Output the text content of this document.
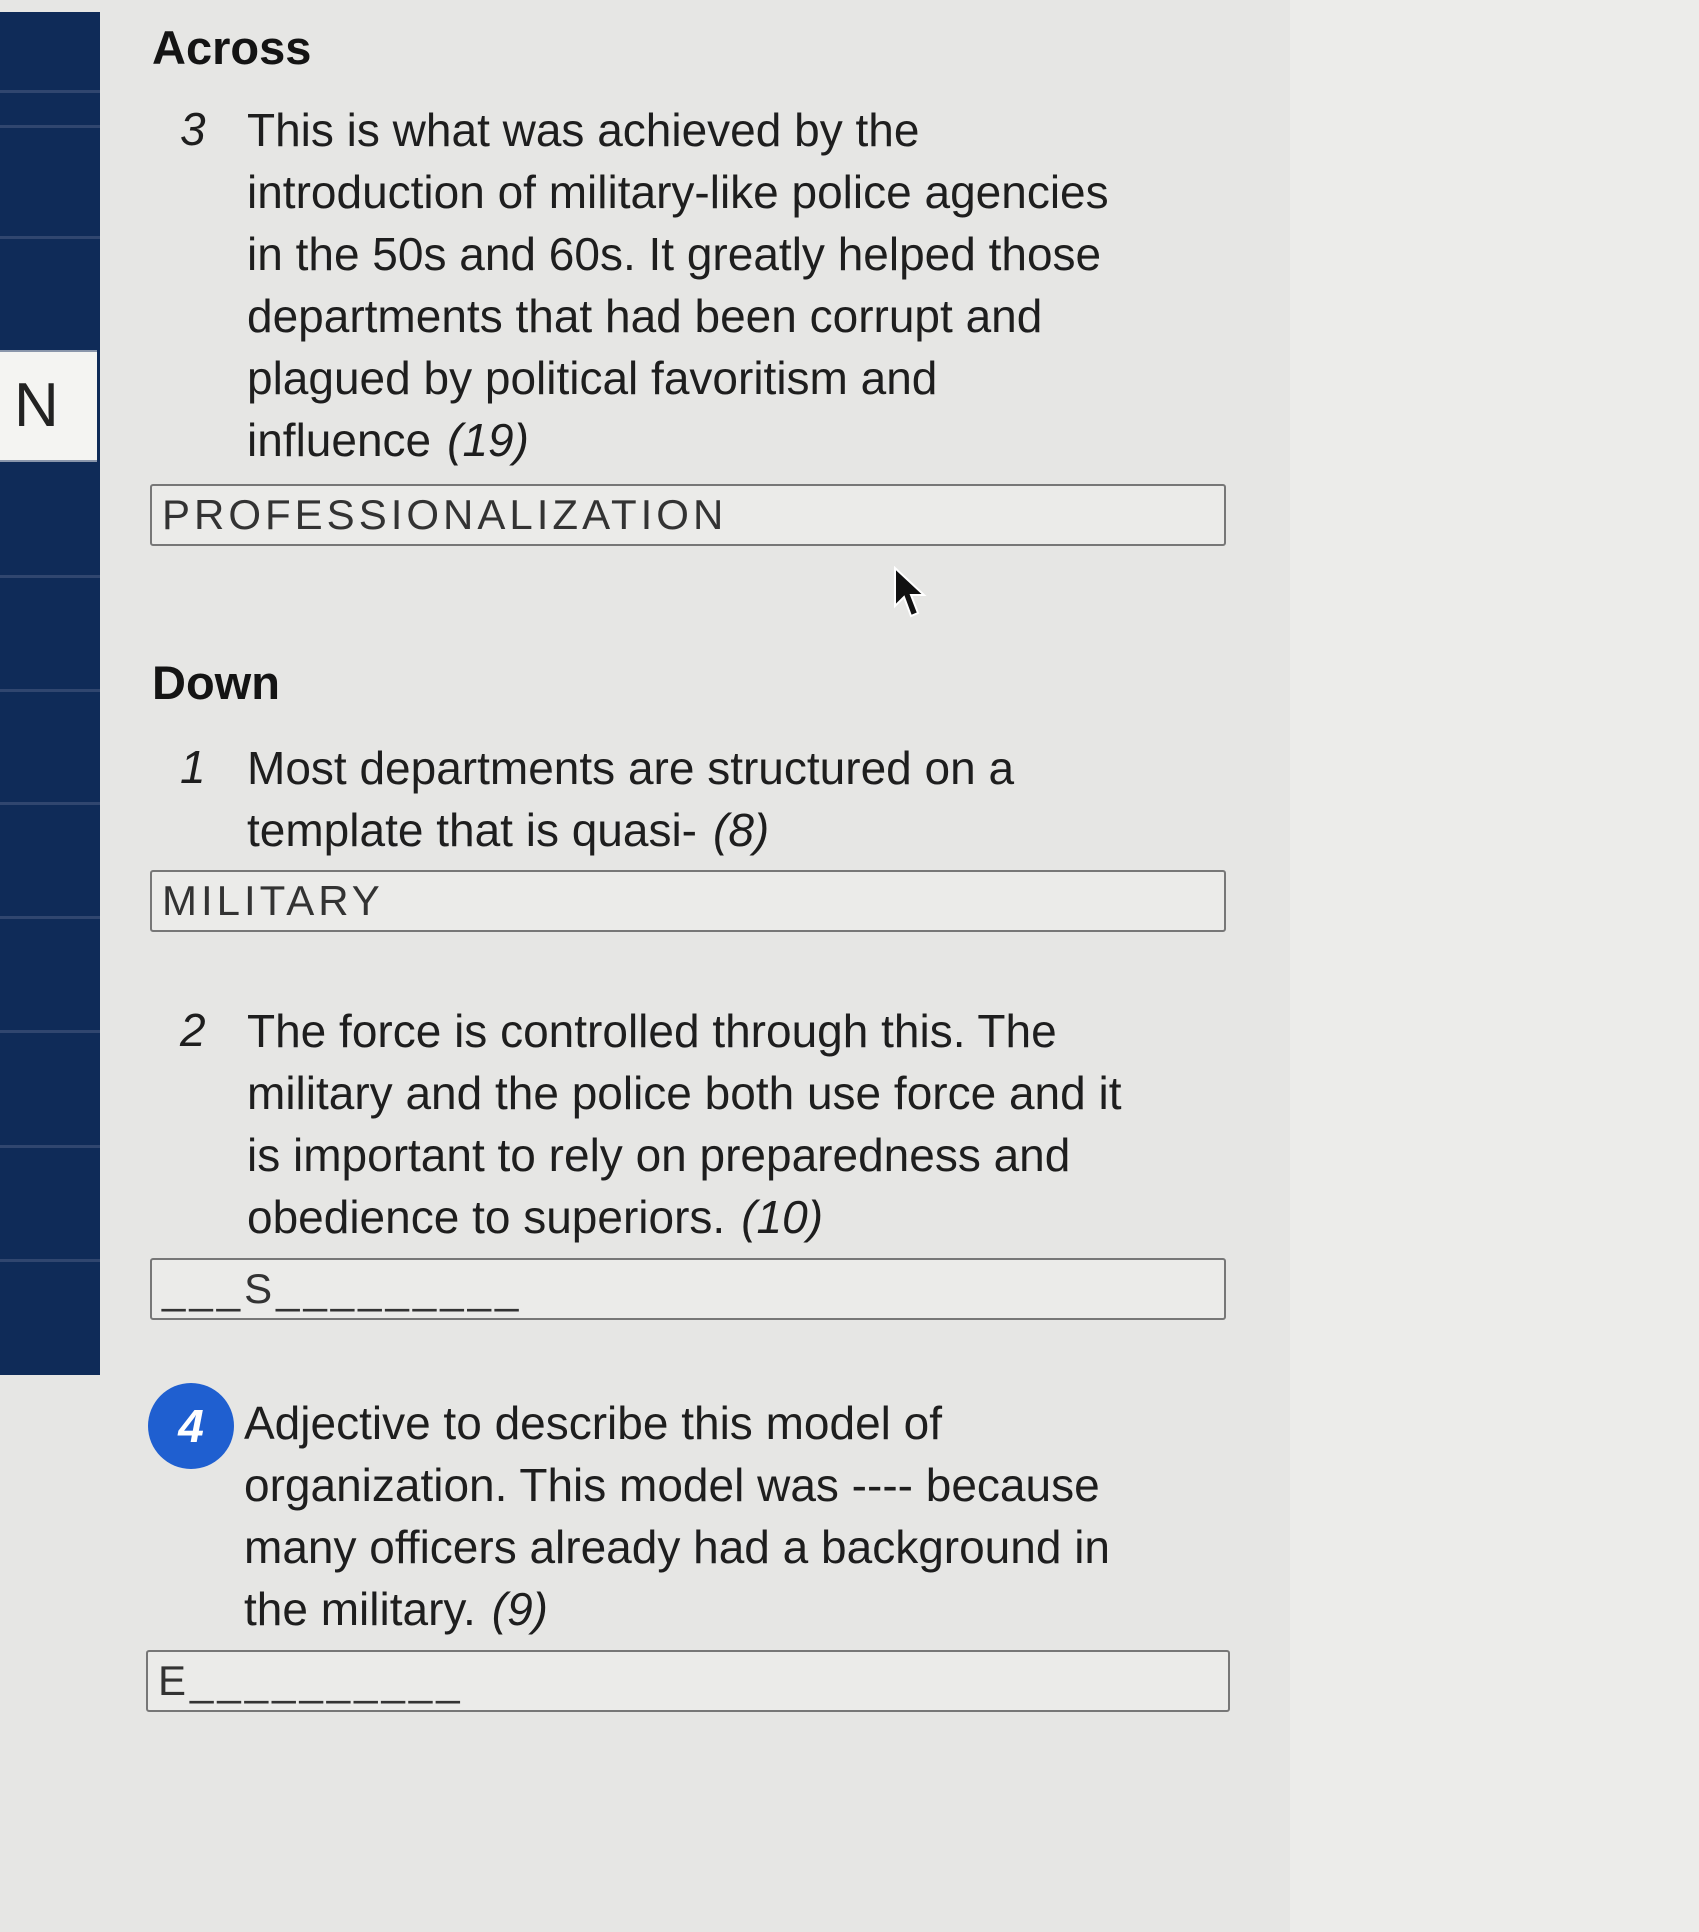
N
Across
3 This is what was achieved by the
introduction of military-like police agencies
in the 50s and 60s. It greatly helped those
departments that had been corrupt and
plagued by political favoritism and
influence (19)
PROFESSIONALIZATION
Down
1 Most departments are structured on a
template that is quasi- (8)
MILITARY
2 The force is controlled through this. The
military and the police both use force and it
is important to rely on preparedness and
obedience to superiors. (10)
___S_________
4 Adjective to describe this model of
organization. This model was ---- because
many officers already had a background in
the military. (9)
E__________
